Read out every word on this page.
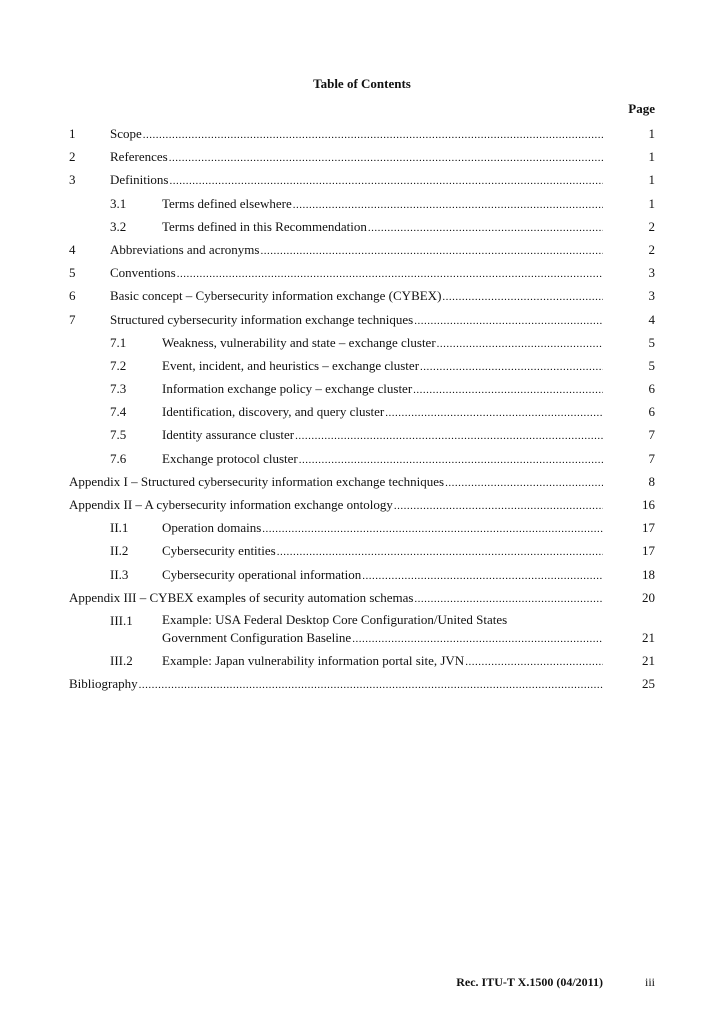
Table of Contents
Page
1	Scope .....	1
2	References .....	1
3	Definitions .....	1
3.1	Terms defined elsewhere .....	1
3.2	Terms defined in this Recommendation .....	2
4	Abbreviations and acronyms .....	2
5	Conventions .....	3
6	Basic concept – Cybersecurity information exchange (CYBEX) .....	3
7	Structured cybersecurity information exchange techniques .....	4
7.1	Weakness, vulnerability and state – exchange cluster .....	5
7.2	Event, incident, and heuristics – exchange cluster .....	5
7.3	Information exchange policy – exchange cluster .....	6
7.4	Identification, discovery, and query cluster .....	6
7.5	Identity assurance cluster .....	7
7.6	Exchange protocol cluster .....	7
Appendix I – Structured cybersecurity information exchange techniques .....	8
Appendix II – A cybersecurity information exchange ontology .....	16
II.1	Operation domains .....	17
II.2	Cybersecurity entities .....	17
II.3	Cybersecurity operational information .....	18
Appendix III – CYBEX examples of security automation schemas .....	20
III.1 Example: USA Federal Desktop Core Configuration/United States
Government Configuration Baseline .....	21
III.2 Example: Japan vulnerability information portal site, JVN .....	21
Bibliography .....	25
Rec. ITU-T X.1500 (04/2011)	iii
